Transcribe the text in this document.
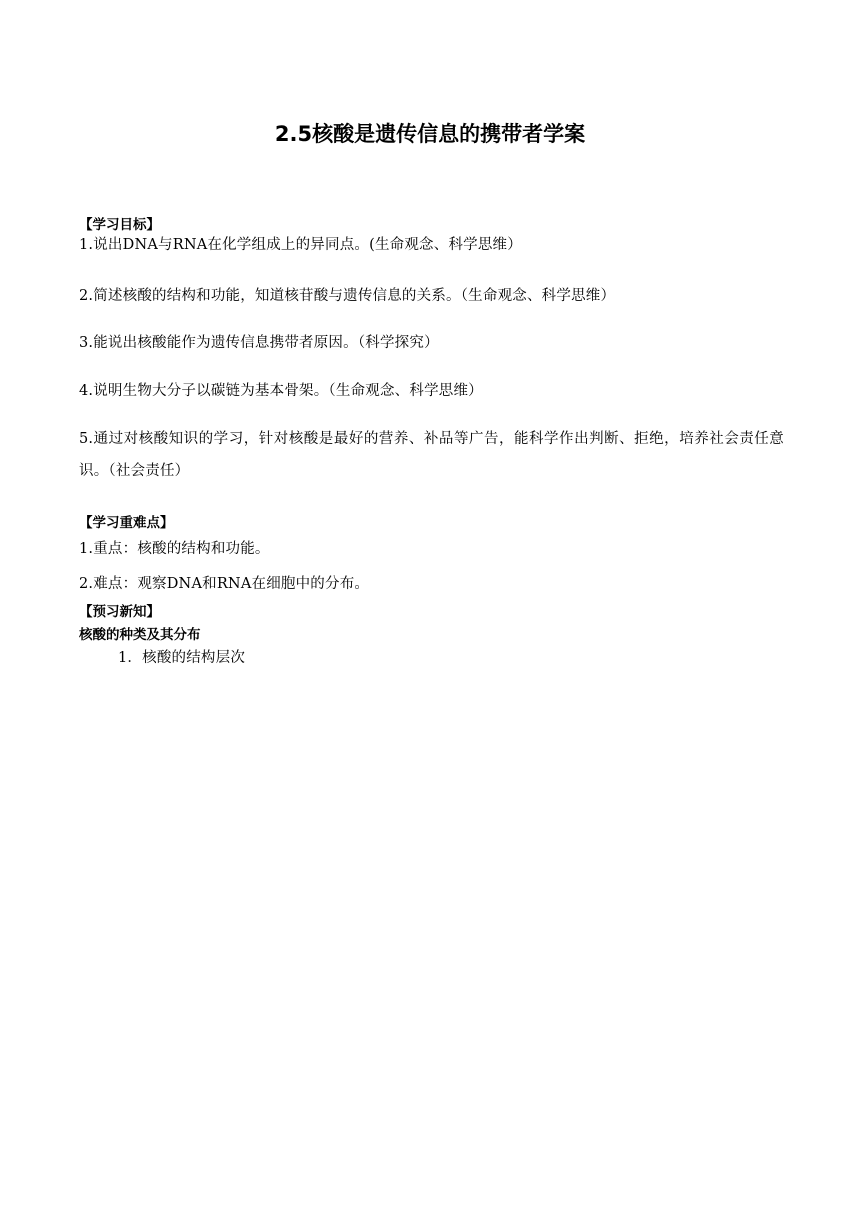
2.5核酸是遗传信息的携带者学案
【学习目标】
1.说出DNA与RNA在化学组成上的异同点。(生命观念、科学思维）
2.简述核酸的结构和功能，知道核苷酸与遗传信息的关系。（生命观念、科学思维）
3.能说出核酸能作为遗传信息携带者原因。（科学探究）
4.说明生物大分子以碳链为基本骨架。（生命观念、科学思维）
5.通过对核酸知识的学习，针对核酸是最好的营养、补品等广告，能科学作出判断、拒绝，培养社会责任意识。（社会责任）
【学习重难点】
1.重点：核酸的结构和功能。
2.难点：观察DNA和RNA在细胞中的分布。
【预习新知】
核酸的种类及其分布
1．核酸的结构层次
